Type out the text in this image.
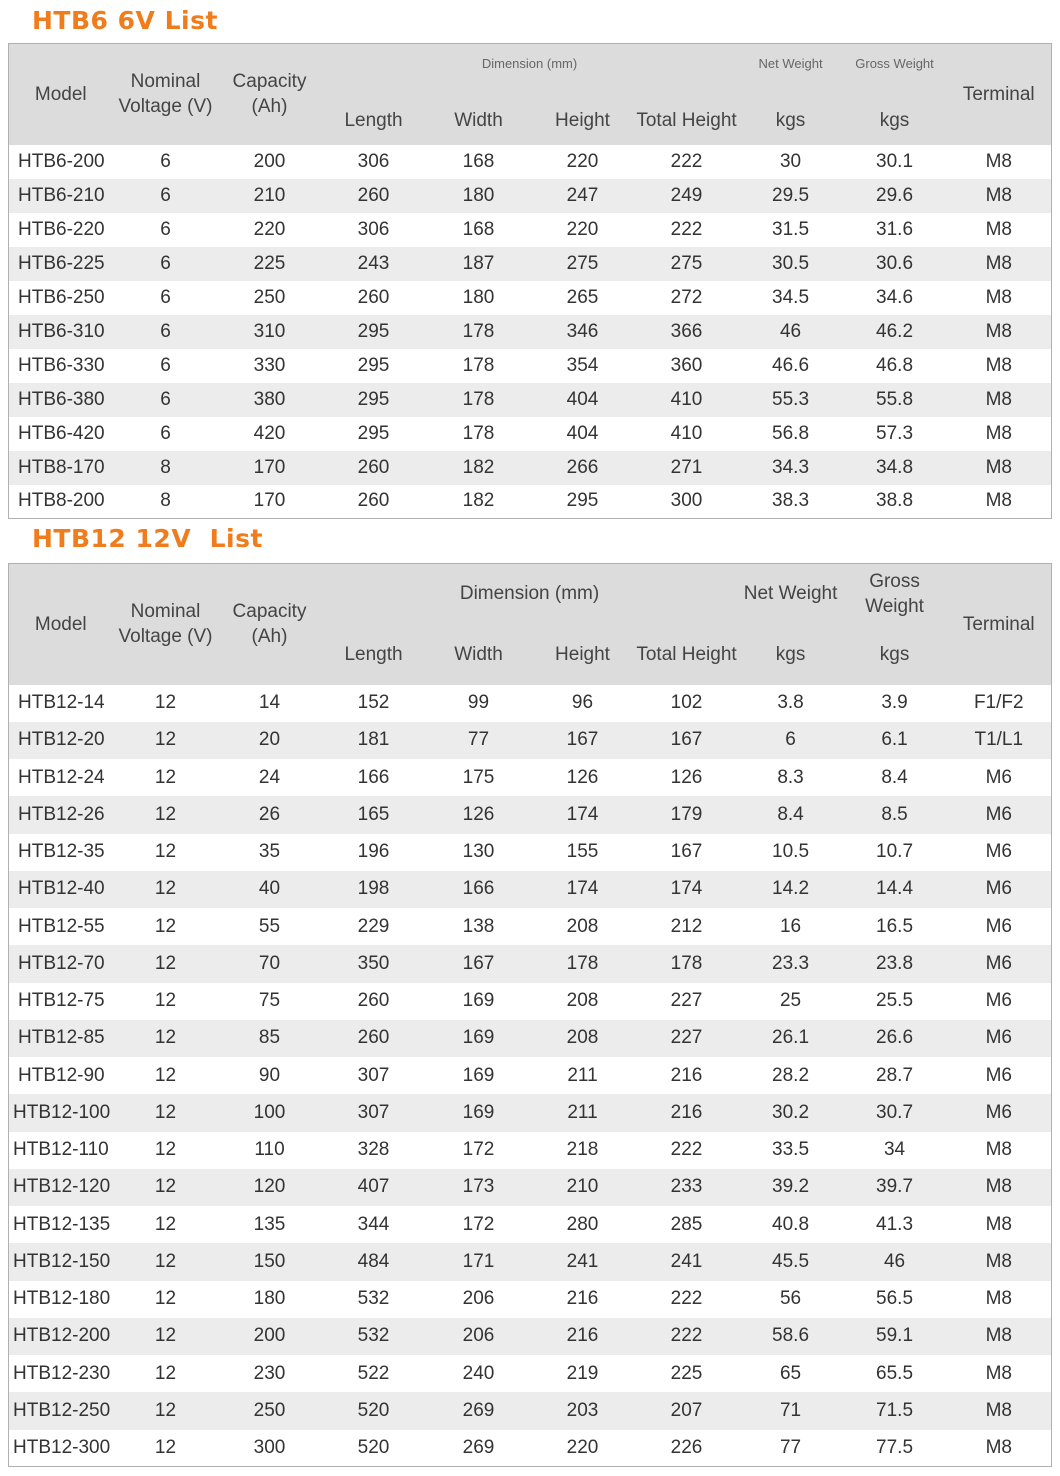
HTB6 6V List
Model	Nominal Voltage (V)	Capacity (Ah)	Dimension (mm)				Net Weight	Gross Weight	Terminal
			Length	Width	Height	Total Height	kgs	kgs	
HTB6-200	6	200	306	168	220	222	30	30.1	M8
HTB6-210	6	210	260	180	247	249	29.5	29.6	M8
HTB6-220	6	220	306	168	220	222	31.5	31.6	M8
HTB6-225	6	225	243	187	275	275	30.5	30.6	M8
HTB6-250	6	250	260	180	265	272	34.5	34.6	M8
HTB6-310	6	310	295	178	346	366	46	46.2	M8
HTB6-330	6	330	295	178	354	360	46.6	46.8	M8
HTB6-380	6	380	295	178	404	410	55.3	55.8	M8
HTB6-420	6	420	295	178	404	410	56.8	57.3	M8
HTB8-170	8	170	260	182	266	271	34.3	34.8	M8
HTB8-200	8	170	260	182	295	300	38.3	38.8	M8
HTB12 12V  List
Model	Nominal Voltage (V)	Capacity (Ah)	Dimension (mm)				Net Weight	Gross Weight	Terminal
			Length	Width	Height	Total Height	kgs	kgs	
HTB12-14	12	14	152	99	96	102	3.8	3.9	F1/F2
HTB12-20	12	20	181	77	167	167	6	6.1	T1/L1
HTB12-24	12	24	166	175	126	126	8.3	8.4	M6
HTB12-26	12	26	165	126	174	179	8.4	8.5	M6
HTB12-35	12	35	196	130	155	167	10.5	10.7	M6
HTB12-40	12	40	198	166	174	174	14.2	14.4	M6
HTB12-55	12	55	229	138	208	212	16	16.5	M6
HTB12-70	12	70	350	167	178	178	23.3	23.8	M6
HTB12-75	12	75	260	169	208	227	25	25.5	M6
HTB12-85	12	85	260	169	208	227	26.1	26.6	M6
HTB12-90	12	90	307	169	211	216	28.2	28.7	M6
HTB12-100	12	100	307	169	211	216	30.2	30.7	M6
HTB12-110	12	110	328	172	218	222	33.5	34	M8
HTB12-120	12	120	407	173	210	233	39.2	39.7	M8
HTB12-135	12	135	344	172	280	285	40.8	41.3	M8
HTB12-150	12	150	484	171	241	241	45.5	46	M8
HTB12-180	12	180	532	206	216	222	56	56.5	M8
HTB12-200	12	200	532	206	216	222	58.6	59.1	M8
HTB12-230	12	230	522	240	219	225	65	65.5	M8
HTB12-250	12	250	520	269	203	207	71	71.5	M8
HTB12-300	12	300	520	269	220	226	77	77.5	M8
